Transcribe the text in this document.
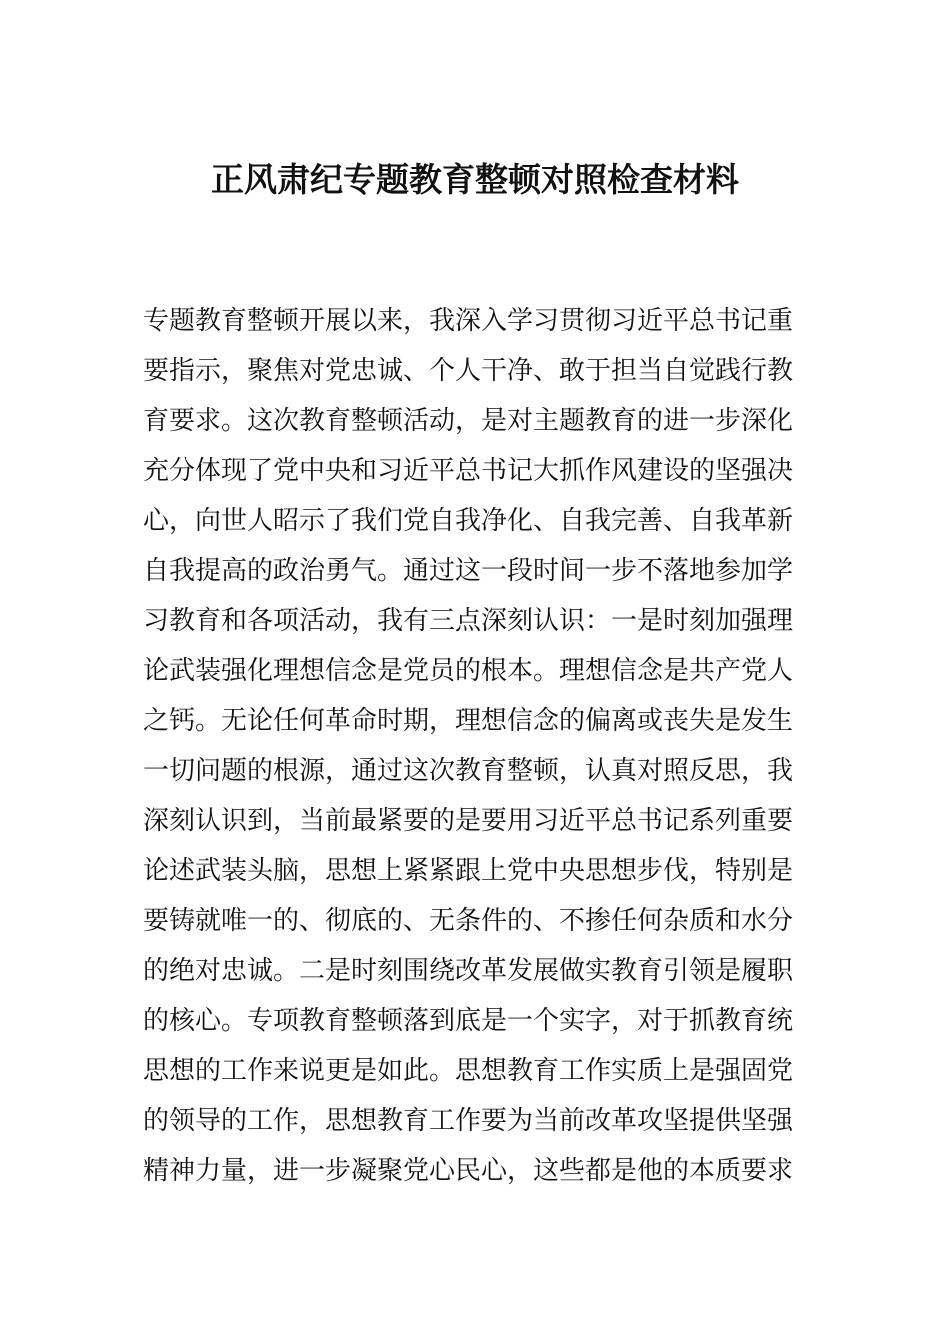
正风肃纪专题教育整顿对照检查材料
专题教育整顿开展以来，我深入学习贯彻习近平总书记重
要指示，聚焦对党忠诚、个人干净、敢于担当自觉践行教
育要求。这次教育整顿活动，是对主题教育的进一步深化
充分体现了党中央和习近平总书记大抓作风建设的坚强决
心，向世人昭示了我们党自我净化、自我完善、自我革新
自我提高的政治勇气。通过这一段时间一步不落地参加学
习教育和各项活动，我有三点深刻认识：一是时刻加强理
论武装强化理想信念是党员的根本。理想信念是共产党人
之钙。无论任何革命时期，理想信念的偏离或丧失是发生
一切问题的根源，通过这次教育整顿，认真对照反思，我
深刻认识到，当前最紧要的是要用习近平总书记系列重要
论述武装头脑，思想上紧紧跟上党中央思想步伐，特别是
要铸就唯一的、彻底的、无条件的、不掺任何杂质和水分
的绝对忠诚。二是时刻围绕改革发展做实教育引领是履职
的核心。专项教育整顿落到底是一个实字，对于抓教育统
思想的工作来说更是如此。思想教育工作实质上是强固党
的领导的工作，思想教育工作要为当前改革攻坚提供坚强
精神力量，进一步凝聚党心民心，这些都是他的本质要求
